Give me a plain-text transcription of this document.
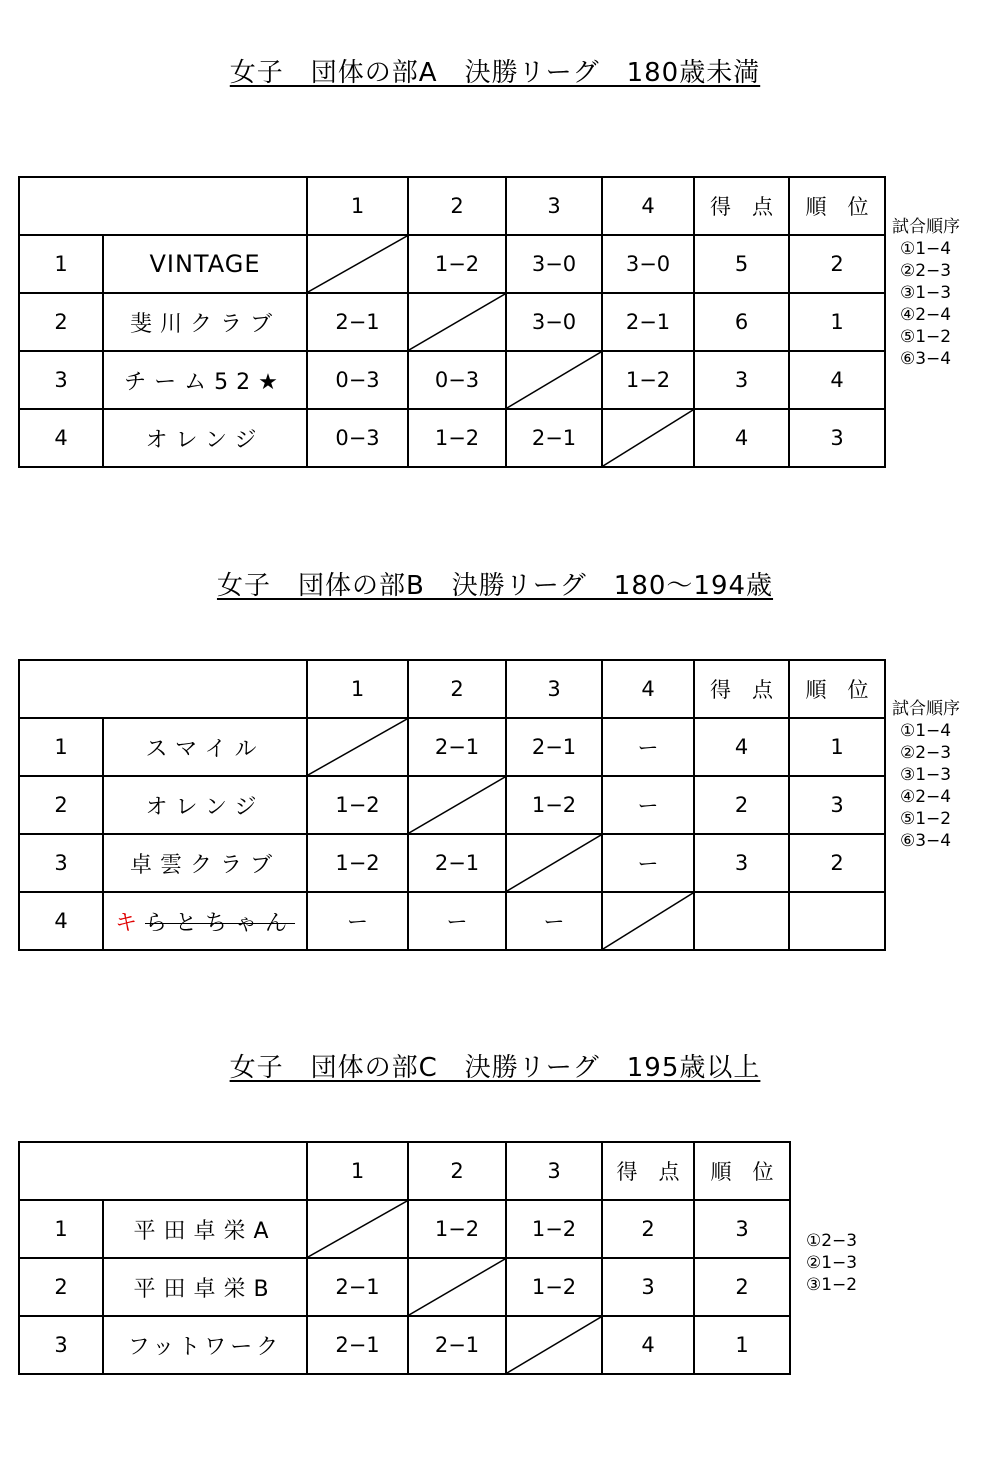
女子　団体の部A　決勝リーグ　180歳未満
		1	2	3	4	得　点	順　位
1	VINTAGE		1−2	3−0	3−0	5	2
2	斐川クラブ	2−1		3−0	2−1	6	1
3	チーム52★	0−3	0−3		1−2	3	4
4	オレンジ	0−3	1−2	2−1		4	3
試合順序
①1−4
②2−3
③1−3
④2−4
⑤1−2
⑥3−4
女子　団体の部B　決勝リーグ　180〜194歳
		1	2	3	4	得　点	順　位
1	スマイル		2−1	2−1	ー	4	1
2	オレンジ	1−2		1−2	ー	2	3
3	卓雲クラブ	1−2	2−1		ー	3	2
4	キらとちゃん	ー	ー	ー			
試合順序
①1−4
②2−3
③1−3
④2−4
⑤1−2
⑥3−4
女子　団体の部C　決勝リーグ　195歳以上
		1	2	3	得　点	順　位
1	平田卓栄A		1−2	1−2	2	3
2	平田卓栄B	2−1		1−2	3	2
3	フットワーク	2−1	2−1		4	1
①2−3
②1−3
③1−2
